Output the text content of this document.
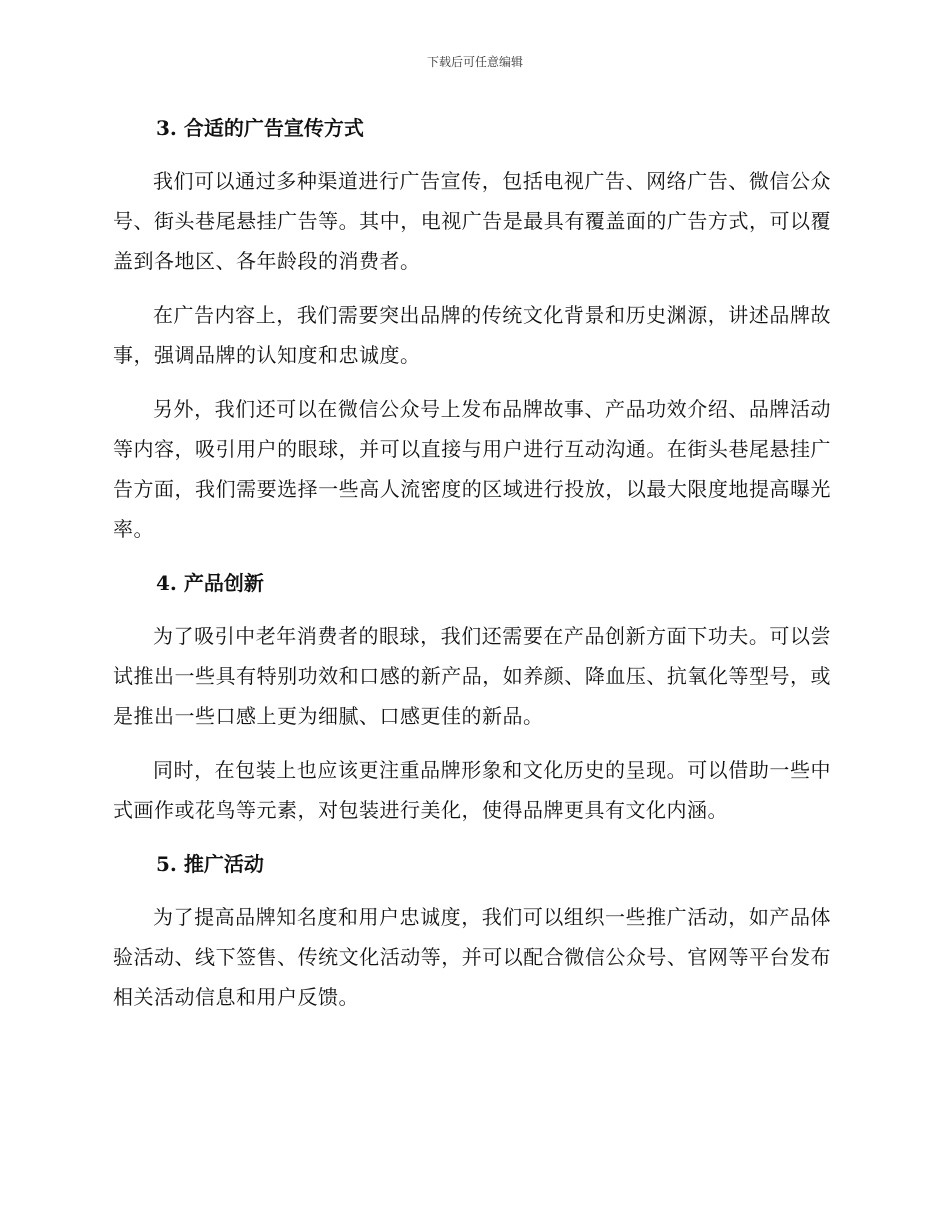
下载后可任意编辑
3. 合适的广告宣传方式

我们可以通过多种渠道进行广告宣传，包括电视广告、网络广告、微信公众号、街头巷尾悬挂广告等。其中，电视广告是最具有覆盖面的广告方式，可以覆盖到各地区、各年龄段的消费者。

在广告内容上，我们需要突出品牌的传统文化背景和历史渊源，讲述品牌故事，强调品牌的认知度和忠诚度。

另外，我们还可以在微信公众号上发布品牌故事、产品功效介绍、品牌活动等内容，吸引用户的眼球，并可以直接与用户进行互动沟通。在街头巷尾悬挂广告方面，我们需要选择一些高人流密度的区域进行投放，以最大限度地提高曝光率。

4. 产品创新

为了吸引中老年消费者的眼球，我们还需要在产品创新方面下功夫。可以尝试推出一些具有特别功效和口感的新产品，如养颜、降血压、抗氧化等型号，或是推出一些口感上更为细腻、口感更佳的新品。

同时，在包装上也应该更注重品牌形象和文化历史的呈现。可以借助一些中式画作或花鸟等元素，对包装进行美化，使得品牌更具有文化内涵。

5. 推广活动

为了提高品牌知名度和用户忠诚度，我们可以组织一些推广活动，如产品体验活动、线下签售、传统文化活动等，并可以配合微信公众号、官网等平台发布相关活动信息和用户反馈。
